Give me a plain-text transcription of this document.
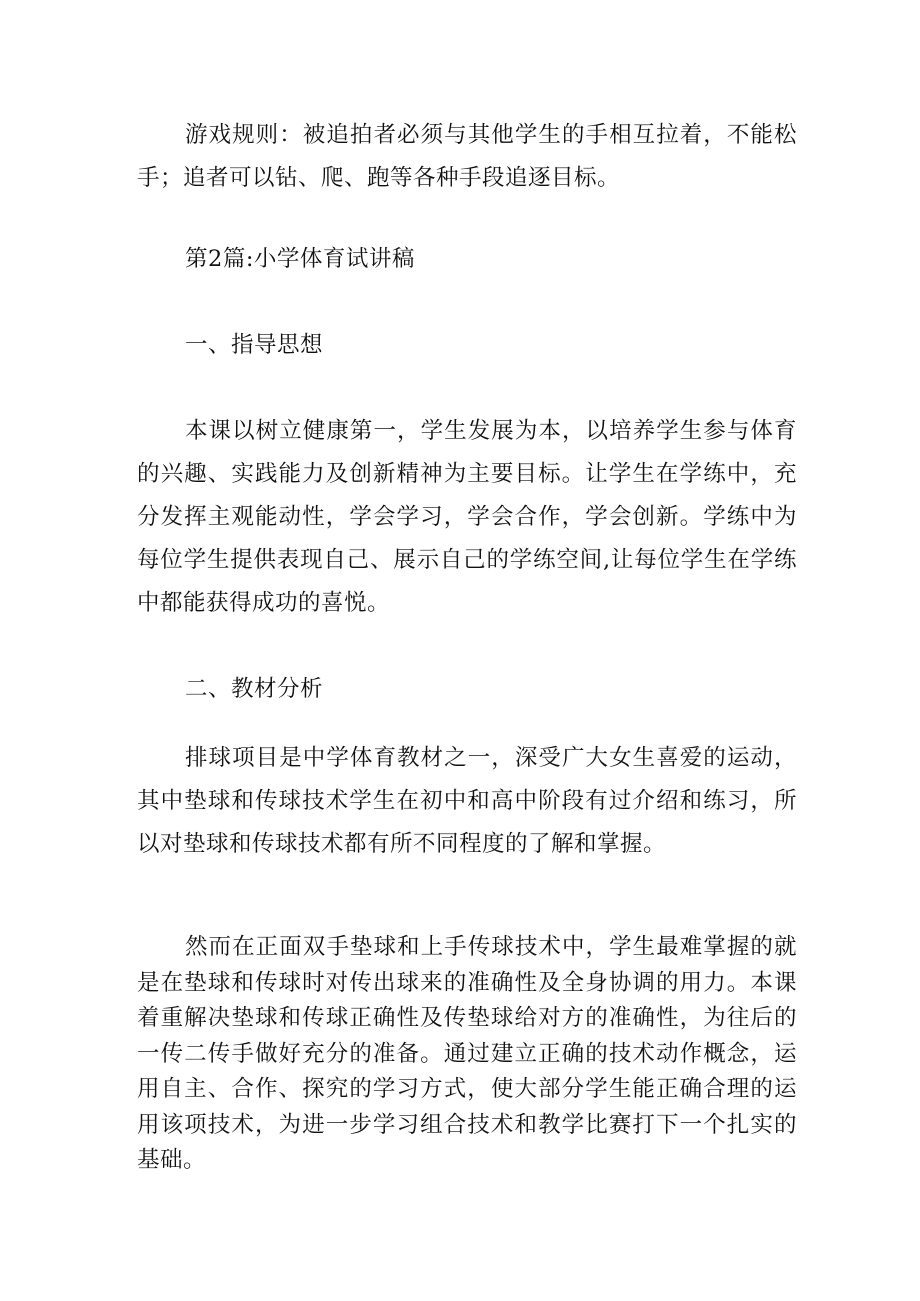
游戏规则：被追拍者必须与其他学生的手相互拉着，不能松手；追者可以钻、爬、跑等各种手段追逐目标。

第2篇:小学体育试讲稿

一、指导思想

本课以树立健康第一，学生发展为本，以培养学生参与体育的兴趣、实践能力及创新精神为主要目标。让学生在学练中，充分发挥主观能动性，学会学习，学会合作，学会创新。学练中为每位学生提供表现自己、展示自己的学练空间,让每位学生在学练中都能获得成功的喜悦。

二、教材分析

排球项目是中学体育教材之一，深受广大女生喜爱的运动，其中垫球和传球技术学生在初中和高中阶段有过介绍和练习，所以对垫球和传球技术都有所不同程度的了解和掌握。

然而在正面双手垫球和上手传球技术中，学生最难掌握的就是在垫球和传球时对传出球来的准确性及全身协调的用力。本课着重解决垫球和传球正确性及传垫球给对方的准确性，为往后的一传二传手做好充分的准备。通过建立正确的技术动作概念，运用自主、合作、探究的学习方式，使大部分学生能正确合理的运用该项技术，为进一步学习组合技术和教学比赛打下一个扎实的基础。
